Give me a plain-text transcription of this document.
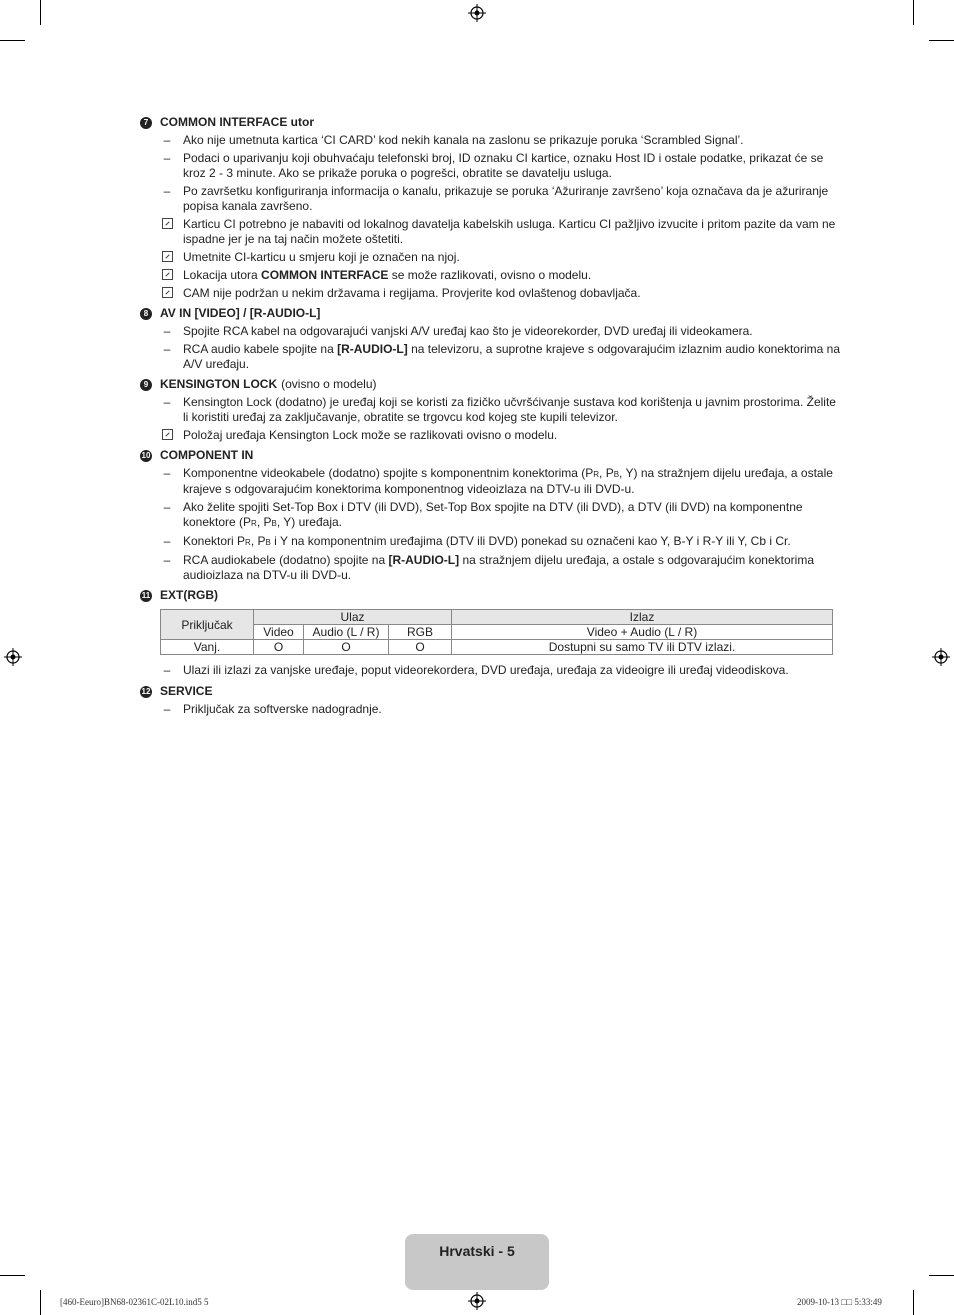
7 COMMON INTERFACE utor
–	Ako nije umetnuta kartica ‘CI CARD’ kod nekih kanala na zaslonu se prikazuje poruka ‘Scrambled Signal’.
–	Podaci o uparivanju koji obuhvaćaju telefonski broj, ID oznaku CI kartice, oznaku Host ID i ostale podatke, prikazat će se kroz 2 - 3 minute. Ako se prikaže poruka o pogrešci, obratite se davatelju usluga.
–	Po završetku konfiguriranja informacija o kanalu, prikazuje se poruka ‘Ažuriranje završeno’ koja označava da je ažuriranje popisa kanala završeno.
Karticu CI potrebno je nabaviti od lokalnog davatelja kabelskih usluga. Karticu CI pažljivo izvucite i pritom pazite da vam ne ispadne jer je na taj način možete oštetiti.
Umetnite CI-karticu u smjeru koji je označen na njoj.
Lokacija utora COMMON INTERFACE se može razlikovati, ovisno o modelu.
CAM nije podržan u nekim državama i regijama. Provjerite kod ovlaštenog dobavljača.
8 AV IN [VIDEO] / [R-AUDIO-L]
–	Spojite RCA kabel na odgovarajući vanjski A/V uređaj kao što je videorekorder, DVD uređaj ili videokamera.
–	RCA audio kabele spojite na [R-AUDIO-L] na televizoru, a suprotne krajeve s odgovarajućim izlaznim audio konektorima na A/V uređaju.
9 KENSINGTON LOCK (ovisno o modelu)
–	Kensington Lock (dodatno) je uređaj koji se koristi za fizičko učvršćivanje sustava kod korištenja u javnim prostorima. Želite li koristiti uređaj za zaključavanje, obratite se trgovcu kod kojeg ste kupili televizor.
Položaj uređaja Kensington Lock može se razlikovati ovisno o modelu.
10 COMPONENT IN
–	Komponentne videokabele (dodatno) spojite s komponentnim konektorima (PR, PB, Y) na stražnjem dijelu uređaja, a ostale krajeve s odgovarajućim konektorima komponentnog videoizlaza na DTV-u ili DVD-u.
–	Ako želite spojiti Set-Top Box i DTV (ili DVD), Set-Top Box spojite na DTV (ili DVD), a DTV (ili DVD) na komponentne konektore (PR, PB, Y) uređaja.
–	Konektori PR, PB i Y na komponentnim uređajima (DTV ili DVD) ponekad su označeni kao Y, B-Y i R-Y ili Y, Cb i Cr.
–	RCA audiokabele (dodatno) spojite na [R-AUDIO-L] na stražnjem dijelu uređaja, a ostale s odgovarajućim konektorima audioizlaza na DTV-u ili DVD-u.
11 EXT(RGB)
Priključak	Ulaz			Izlaz
	Video	Audio (L / R)	RGB	Video + Audio (L / R)
Vanj.	O	O	O	Dostupni su samo TV ili DTV izlazi.
–	Ulazi ili izlazi za vanjske uređaje, poput videorekordera, DVD uređaja, uređaja za videoigre ili uređaj videodiskova.
12 SERVICE
–	Priključak za softverske nadogradnje.
Hrvatski - 5
[460-Eeuro]BN68-02361C-02L10.ind5 5	2009-10-13 □□ 5:33:49
